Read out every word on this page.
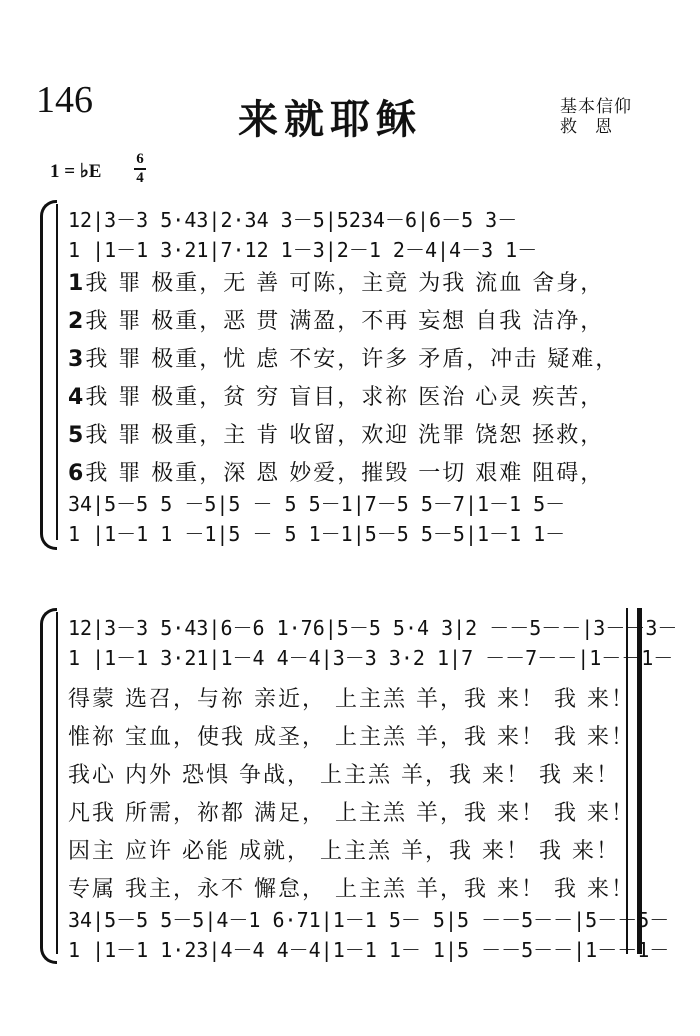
146	来就耶稣	基本信仰
救恩
1 = ♭E
6
4
12|3－3 5·43|2·34 3－5|5234－6|6－5 3－
1 |1－1 3·21|7·12 1－3|2－1 2－4|4－3 1－
1我 罪 极重，无 善 可陈，主竟 为我 流血 舍身，
2我 罪 极重，恶 贯 满盈，不再 妄想 自我 洁净，
3我 罪 极重，忧 虑 不安，许多 矛盾，冲击 疑难，
4我 罪 极重，贫 穷 盲目，求祢 医治 心灵 疾苦，
5我 罪 极重，主 肯 收留，欢迎 洗罪 饶恕 拯救，
6我 罪 极重，深 恩 妙爱，摧毁 一切 艰难 阻碍，
34|5－5 5 －5|5 － 5 5－1|7－5 5－7|1－1 5－
1 |1－1 1 －1|5 － 5 1－1|5－5 5－5|1－1 1－
12|3－3 5·43|6－6 1·76|5－5 5·4 3|2 －－5－－|3－－3－
1 |1－1 3·21|1－4 4－4|3－3 3·2 1|7 －－7－－|1－－1－
得蒙 选召，与祢 亲近， 上主羔 羊，我 来！ 我 来！
惟祢 宝血，使我 成圣， 上主羔 羊，我 来！ 我 来！
我心 内外 恐惧 争战， 上主羔 羊，我 来！ 我 来！
凡我 所需，祢都 满足， 上主羔 羊，我 来！ 我 来！
因主 应许 必能 成就， 上主羔 羊，我 来！ 我 来！
专属 我主，永不 懈怠， 上主羔 羊，我 来！ 我 来！
34|5－5 5－5|4－1 6·71|1－1 5－ 5|5 －－5－－|5－－5－
1 |1－1 1·23|4－4 4－4|1－1 1－ 1|5 －－5－－|1－－1－
